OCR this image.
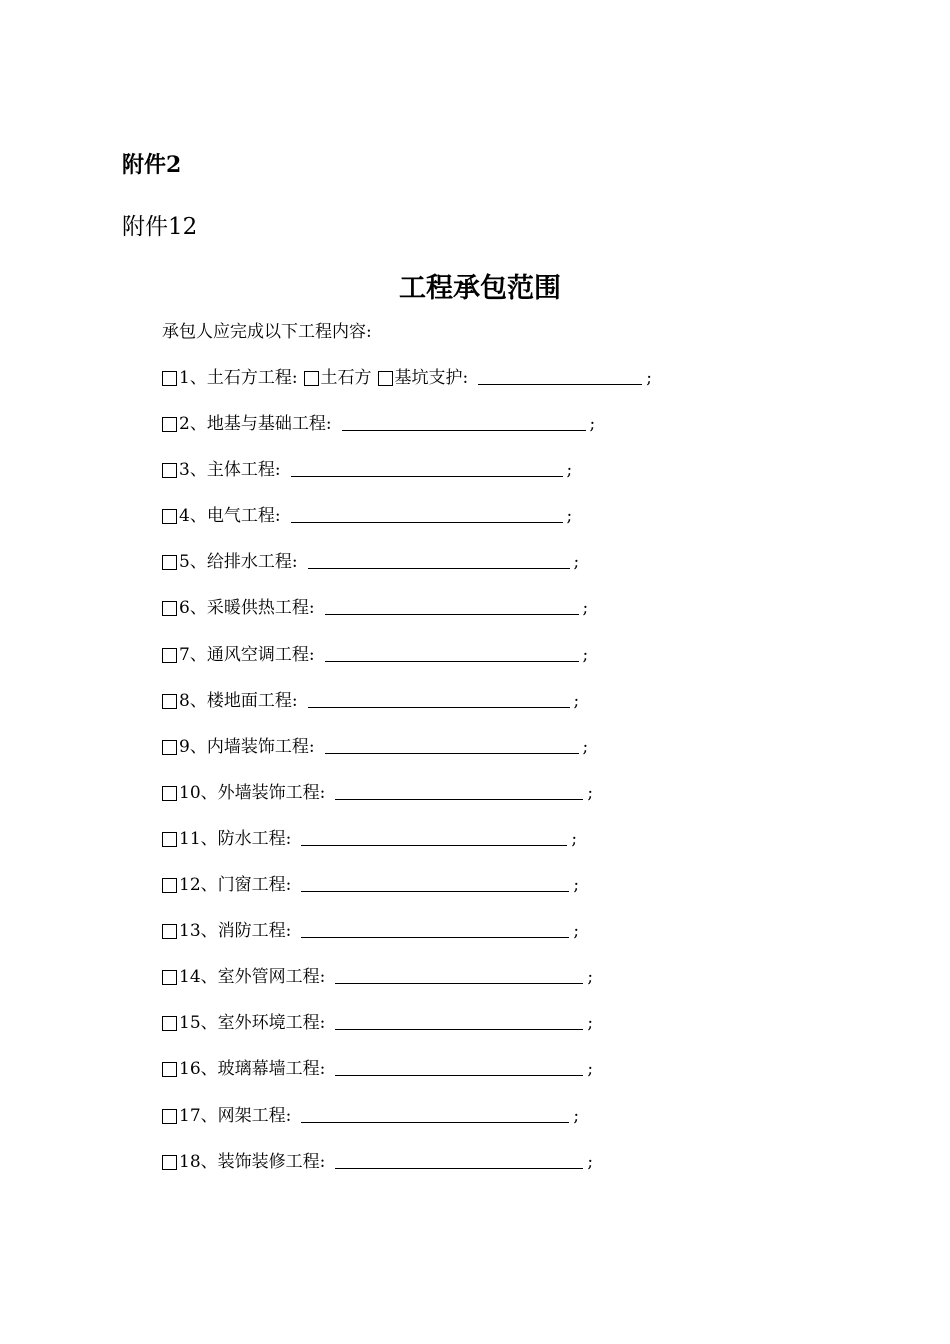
附件2
附件12
工程承包范围
承包人应完成以下工程内容:
1、土石方工程: 土石方 基坑支护:	;
2、地基与基础工程:	;
3、主体工程:	;
4、电气工程:	;
5、给排水工程:	;
6、采暖供热工程:	;
7、通风空调工程:	;
8、楼地面工程:	;
9、内墙装饰工程:	;
10、外墙装饰工程:	;
11、防水工程:	;
12、门窗工程:	;
13、消防工程:	;
14、室外管网工程:	;
15、室外环境工程:	;
16、玻璃幕墙工程:	;
17、网架工程:	;
18、装饰装修工程:	;
